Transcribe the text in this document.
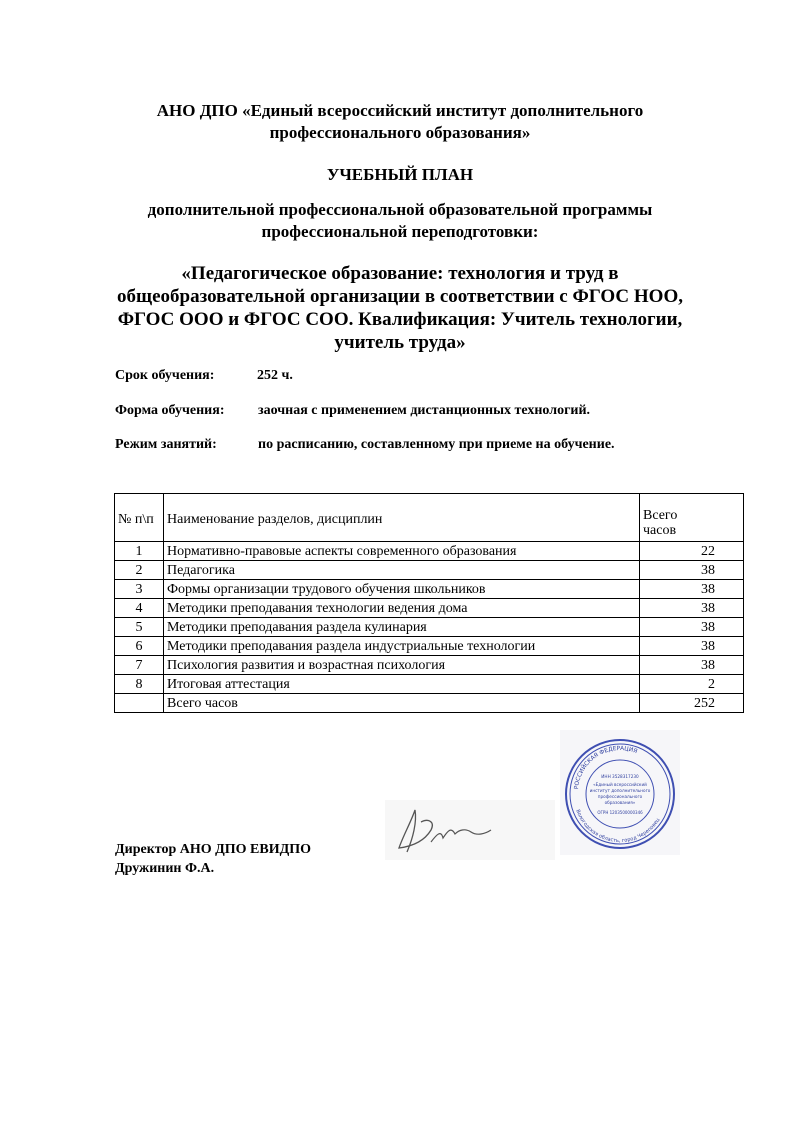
АНО ДПО «Единый всероссийский институт дополнительного
профессионального образования»
УЧЕБНЫЙ ПЛАН
дополнительной профессиональной образовательной программы
профессиональной переподготовки:
«Педагогическое образование: технология и труд в
общеобразовательной организации в соответствии с ФГОС НОО,
ФГОС ООО и ФГОС СОО. Квалификация: Учитель технологии,
учитель труда»
Срок обучения:	252 ч.
Форма обучения: заочная с применением дистанционных технологий.
Режим занятий:	по расписанию, составленному при приеме на обучение.
№ п\п	Наименование разделов, дисциплин	Всего
часов

1	Нормативно-правовые аспекты современного образования	22
2	Педагогика	38
3	Формы организации трудового обучения школьников	38
4	Методики преподавания технологии ведения дома	38
5	Методики преподавания раздела кулинария	38
6	Методики преподавания раздела индустриальные технологии	38
7	Психология развития и возрастная психология	38
8	Итоговая аттестация	2
	Всего часов	252
РОССИЙСКАЯ ФЕДЕРАЦИЯ
Вологодская область, город Череповец
ИНН 3528317230
«Единый всероссийский
институт дополнительного
профессионального
образования»
ОГРН 1203500000346
Директор АНО ДПО ЕВИДПО
Дружинин Ф.А.
